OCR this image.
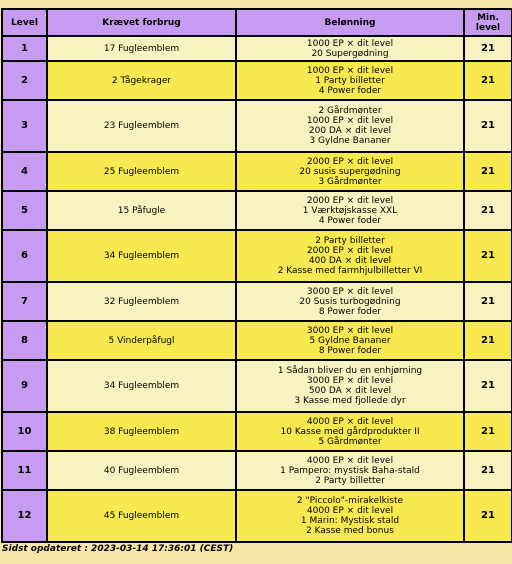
Level	Krævet forbrug	Belønning	Min.
level
1	17 Fugleemblem	1000 EP × dit level
20 Supergødning	21
2	2 Tågekrager	1000 EP × dit level
1 Party billetter
4 Power foder	21
3	23 Fugleemblem	2 Gårdmønter
1000 EP × dit level
200 DA × dit level
3 Gyldne Bananer	21
4	25 Fugleemblem	2000 EP × dit level
20 susis supergødning
3 Gårdmønter	21
5	15 Påfugle	2000 EP × dit level
1 Værktøjskasse XXL
4 Power foder	21
6	34 Fugleemblem	2 Party billetter
2000 EP × dit level
400 DA × dit level
2 Kasse med farmhjulbilletter VI	21
7	32 Fugleemblem	3000 EP × dit level
20 Susis turbogødning
8 Power foder	21
8	5 Vinderpåfugl	3000 EP × dit level
5 Gyldne Bananer
8 Power foder	21
9	34 Fugleemblem	1 Sådan bliver du en enhjørning
3000 EP × dit level
500 DA × dit level
3 Kasse med fjollede dyr	21
10	38 Fugleemblem	4000 EP × dit level
10 Kasse med gårdprodukter II
5 Gårdmønter	21
11	40 Fugleemblem	4000 EP × dit level
1 Pampero: mystisk Baha-stald
2 Party billetter	21
12	45 Fugleemblem	2 "Piccolo"-mirakelkiste
4000 EP × dit level
1 Marin: Mystisk stald
2 Kasse med bonus	21
Sidst opdateret : 2023-03-14 17:36:01 (CEST)
